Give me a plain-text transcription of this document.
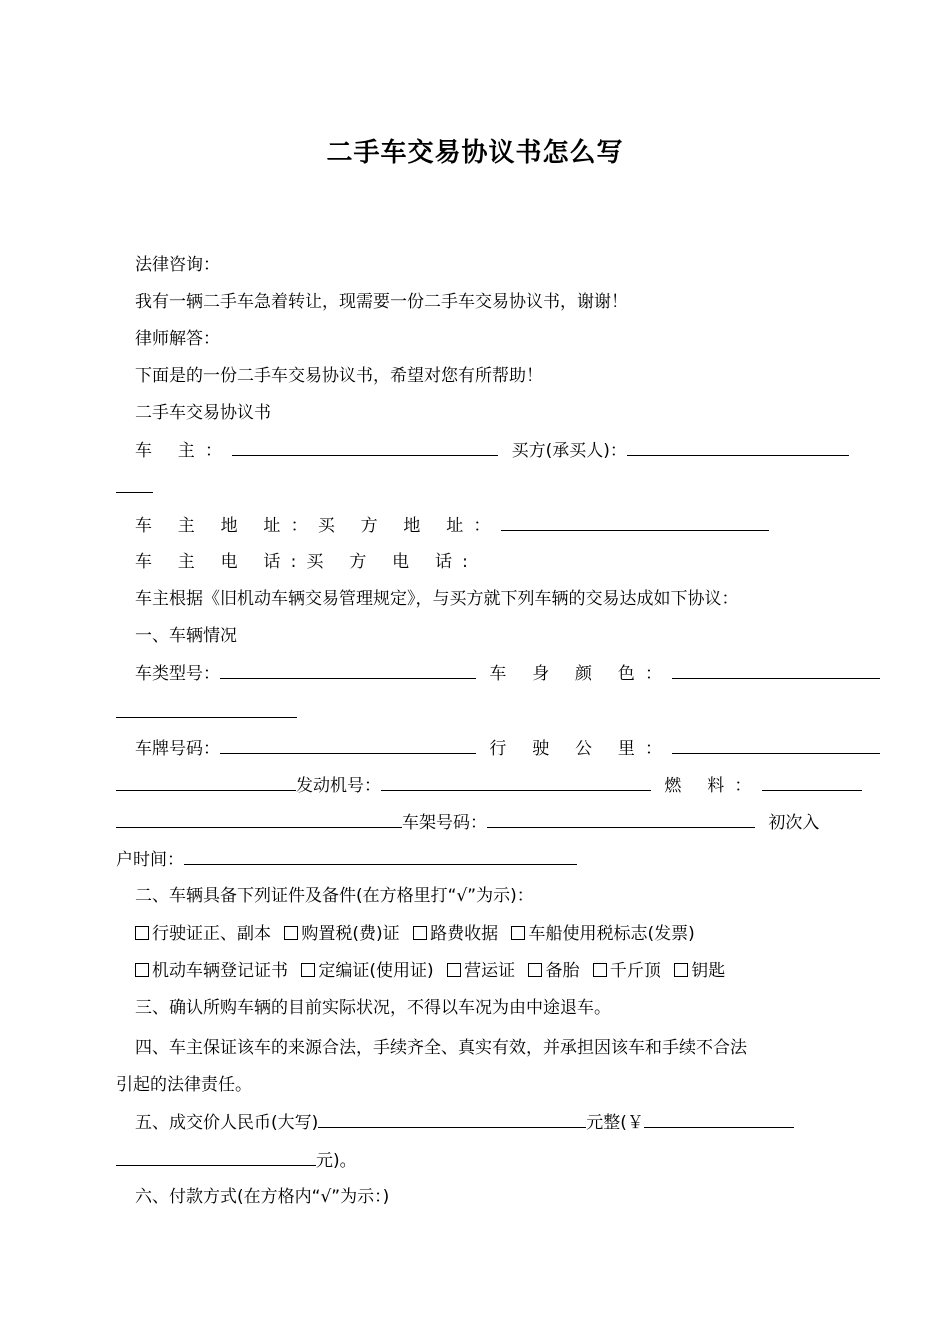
二手车交易协议书怎么写
法律咨询：
我有一辆二手车急着转让，现需要一份二手车交易协议书，谢谢！
律师解答：
下面是的一份二手车交易协议书，希望对您有所帮助！
二手车交易协议书
车 主：	买方(承买人)：
车 主 地 址：买 方 地 址：
车 主 电 话:买 方 电 话:
车主根据《旧机动车辆交易管理规定》，与买方就下列车辆的交易达成如下协议：
一、车辆情况
车类型号：	车 身 颜 色：
车牌号码：	行 驶 公 里：
发动机号：	燃 料：
车架号码：	初次入
户时间：
二、车辆具备下列证件及备件(在方格里打“√”为示)：
行驶证正、副本 购置税(费)证 路费收据 车船使用税标志(发票)
机动车辆登记证书 定编证(使用证) 营运证 备胎 千斤顶 钥匙
三、确认所购车辆的目前实际状况，不得以车况为由中途退车。
四、车主保证该车的来源合法，手续齐全、真实有效，并承担因该车和手续不合法
引起的法律责任。
五、成交价人民币(大写)	元整(￥
元)。
六、付款方式(在方格内“√”为示：)
